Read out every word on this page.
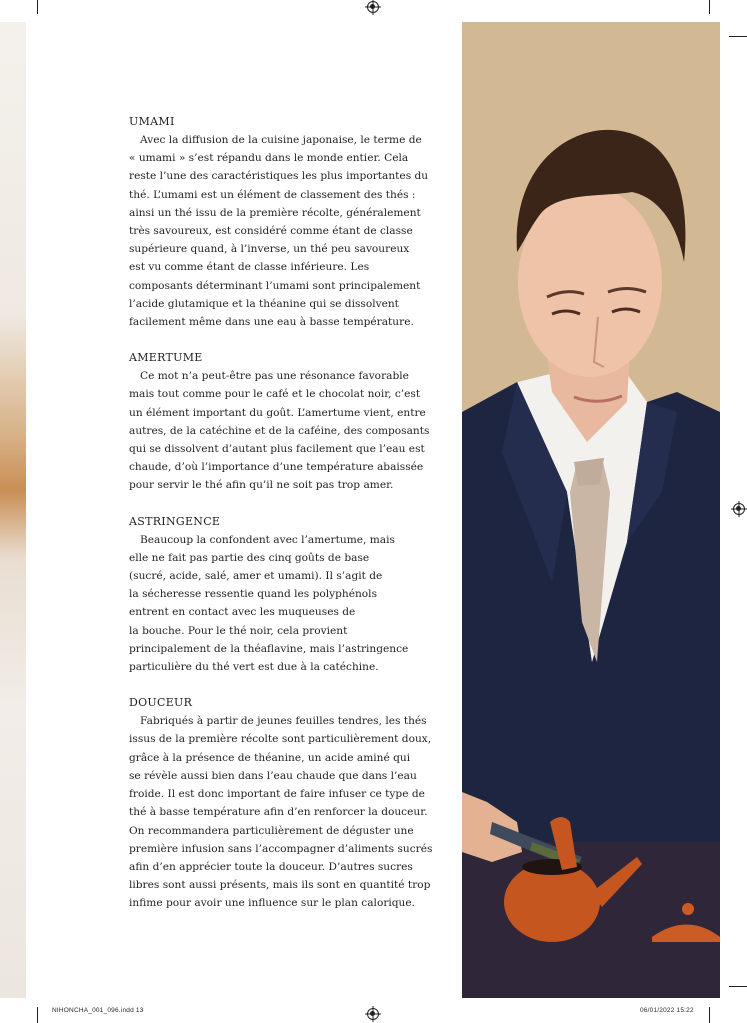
UMAMI

Avec la diffusion de la cuisine japonaise, le terme de
« umami » s’est répandu dans le monde entier. Cela
reste l’une des caractéristiques les plus importantes du
thé. L’umami est un élément de classement des thés :
ainsi un thé issu de la première récolte, généralement
très savoureux, est considéré comme étant de classe
supérieure quand, à l’inverse, un thé peu savoureux
est vu comme étant de classe inférieure. Les
composants déterminant l’umami sont principalement
l’acide glutamique et la théanine qui se dissolvent
facilement même dans une eau à basse température.

AMERTUME

Ce mot n’a peut-être pas une résonance favorable
mais tout comme pour le café et le chocolat noir, c’est
un élément important du goût. L’amertume vient, entre
autres, de la catéchine et de la caféine, des composants
qui se dissolvent d’autant plus facilement que l’eau est
chaude, d’où l’importance d’une température abaissée
pour servir le thé afin qu’il ne soit pas trop amer.

ASTRINGENCE

Beaucoup la confondent avec l’amertume, mais
elle ne fait pas partie des cinq goûts de base
(sucré, acide, salé, amer et umami). Il s’agit de
la sécheresse ressentie quand les polyphénols
entrent en contact avec les muqueuses de
la bouche. Pour le thé noir, cela provient
principalement de la théaflavine, mais l’astringence
particulière du thé vert est due à la catéchine.

DOUCEUR

Fabriqués à partir de jeunes feuilles tendres, les thés
issus de la première récolte sont particulièrement doux,
grâce à la présence de théanine, un acide aminé qui
se révèle aussi bien dans l’eau chaude que dans l’eau
froide. Il est donc important de faire infuser ce type de
thé à basse température afin d’en renforcer la douceur.
On recommandera particulièrement de déguster une
première infusion sans l’accompagner d’aliments sucrés
afin d’en apprécier toute la douceur. D’autres sucres
libres sont aussi présents, mais ils sont en quantité trop
infime pour avoir une influence sur le plan calorique.

NIHONCHA_001_096.indd 13	06/01/2022 15:22
